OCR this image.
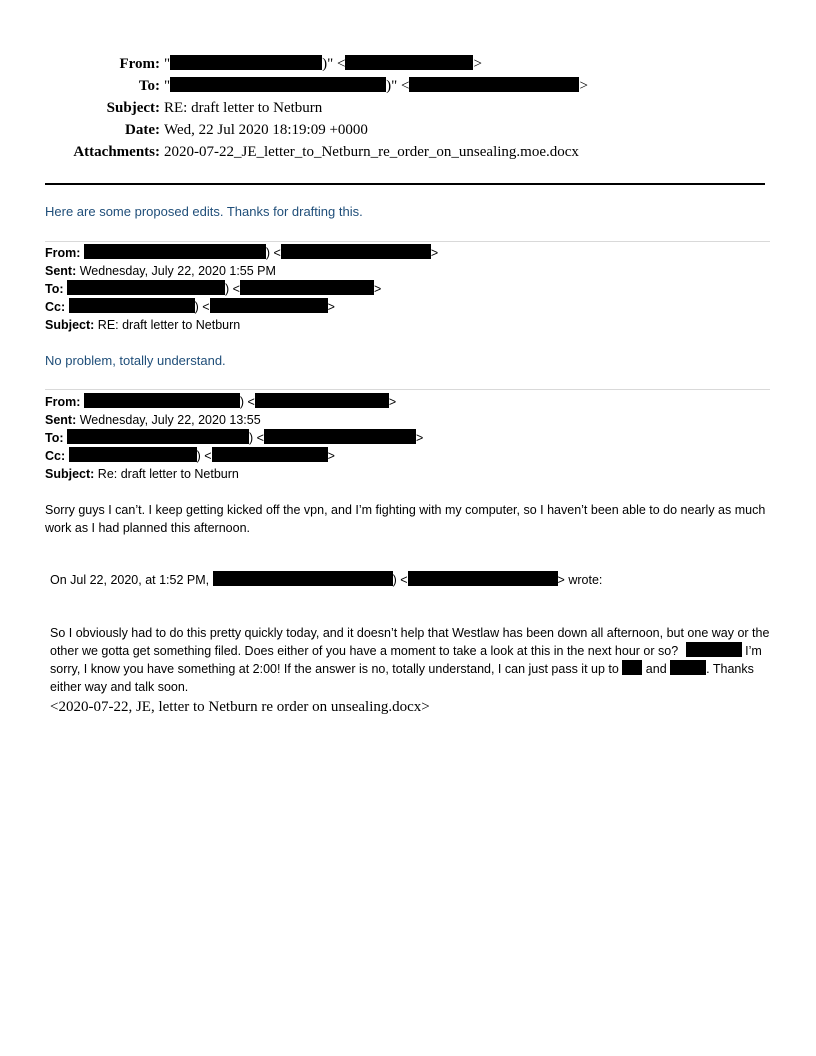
From: "	)" <	>
To: "	)" <	>
Subject: RE: draft letter to Netburn
Date: Wed, 22 Jul 2020 18:19:09 +0000
Attachments: 2020-07-22_JE_letter_to_Netburn_re_order_on_unsealing.moe.docx
Here are some proposed edits. Thanks for drafting this.
From:	) <	>
Sent: Wednesday, July 22, 2020 1:55 PM
To:	) <	>
Cc:	) <	>
Subject: RE: draft letter to Netburn
No problem, totally understand.
From:	) <	>
Sent: Wednesday, July 22, 2020 13:55
To:	) <	>
Cc:	) <	>
Subject: Re: draft letter to Netburn
Sorry guys I can’t. I keep getting kicked off the vpn, and I’m fighting with my computer, so I haven’t been able to do nearly as much work as I had planned this afternoon.
On Jul 22, 2020, at 1:52 PM,	) <	> wrote:
So I obviously had to do this pretty quickly today, and it doesn’t help that Westlaw has been down all afternoon, but one way or the other we gotta get something filed. Does either of you have a moment to take a look at this in the next hour or so?	I’m sorry, I know you have something at 2:00! If the answer is no, totally understand, I can just pass it up to and	. Thanks either way and talk soon.
<2020-07-22, JE, letter to Netburn re order on unsealing.docx>
